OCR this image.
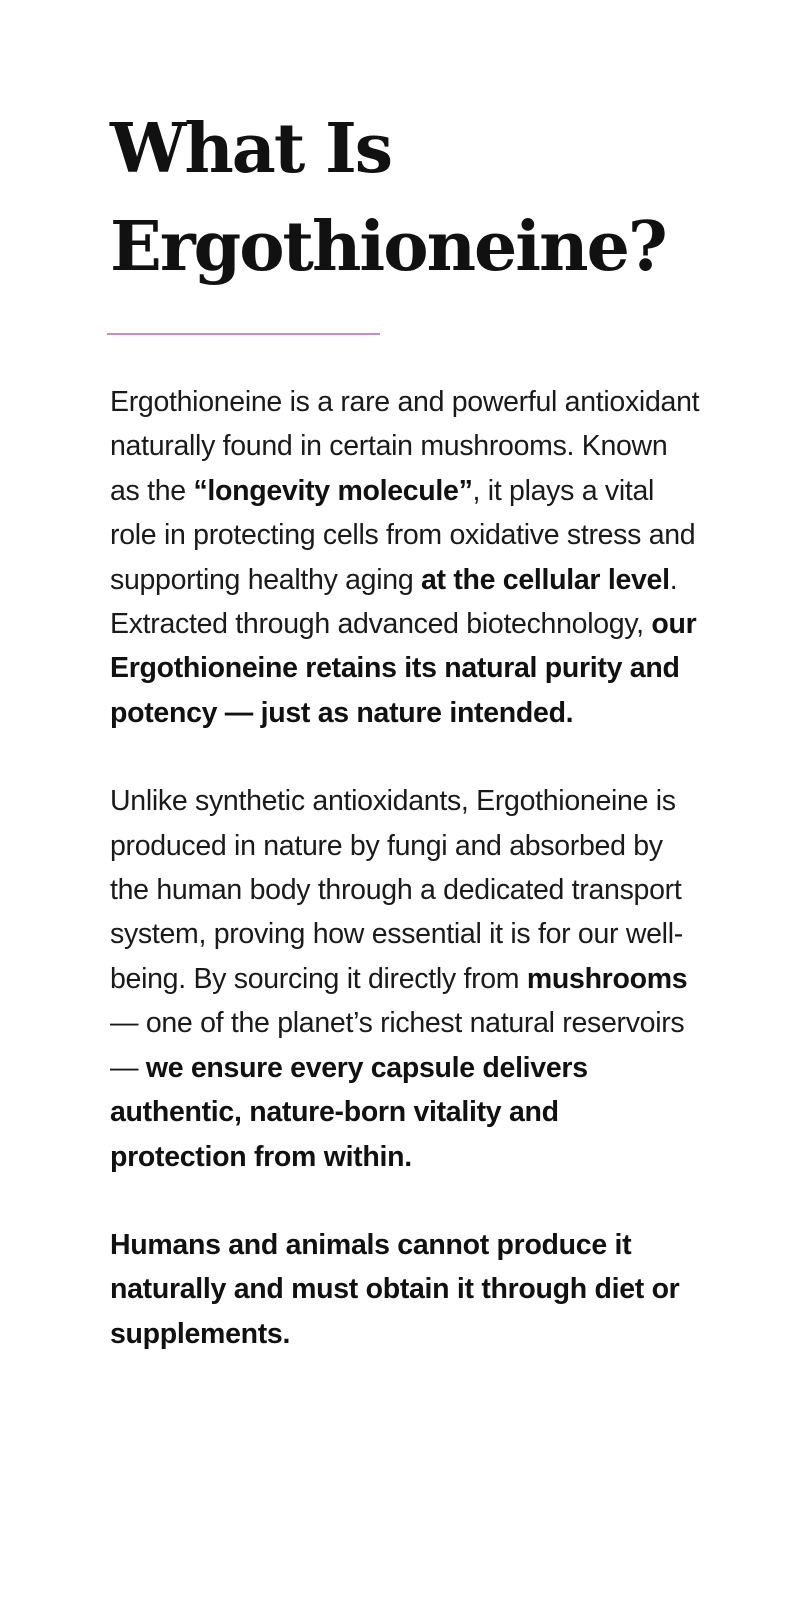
What Is
Ergothioneine?

Ergothioneine is a rare and powerful antioxidant naturally found in certain mushrooms. Known as the “longevity molecule”, it plays a vital role in protecting cells from oxidative stress and supporting healthy aging at the cellular level. Extracted through advanced biotechnology, our Ergothioneine retains its natural purity and potency — just as nature intended.

Unlike synthetic antioxidants, Ergothioneine is produced in nature by fungi and absorbed by the human body through a dedicated transport system, proving how essential it is for our well-being. By sourcing it directly from mushrooms — one of the planet’s richest natural reservoirs — we ensure every capsule delivers authentic, nature-born vitality and protection from within.

Humans and animals cannot produce it naturally and must obtain it through diet or supplements.
